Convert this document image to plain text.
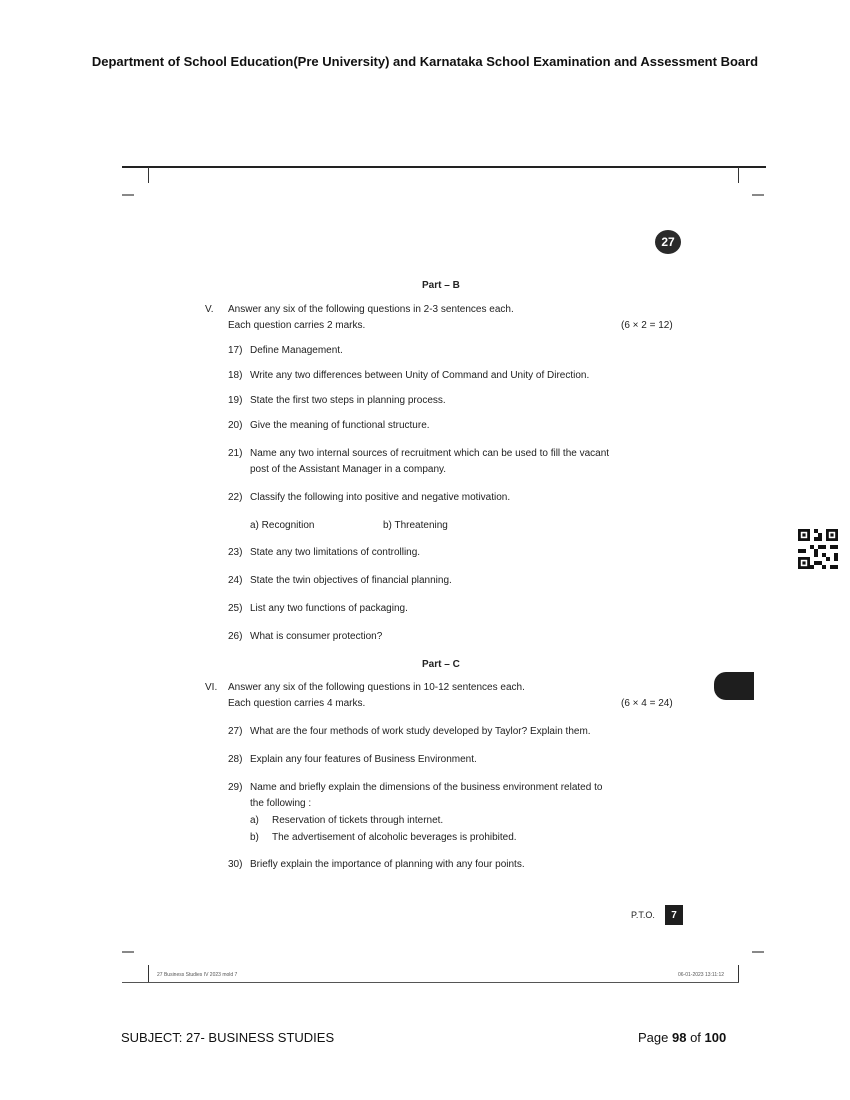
Department of School Education(Pre University) and Karnataka School Examination and Assessment Board
27
Part – B
V. Answer any six of the following questions in 2-3 sentences each.
Each question carries 2 marks.	(6 × 2 = 12)
17) Define Management.
18) Write any two differences between Unity of Command and Unity of Direction.
19) State the first two steps in planning process.
20) Give the meaning of functional structure.
21) Name any two internal sources of recruitment which can be used to fill the vacant
post of the Assistant Manager in a company.
22) Classify the following into positive and negative motivation.
a) Recognition	b) Threatening
23) State any two limitations of controlling.
24) State the twin objectives of financial planning.
25) List any two functions of packaging.
26) What is consumer protection?
Part – C
VI. Answer any six of the following questions in 10-12 sentences each.
Each question carries 4 marks.	(6 × 4 = 24)
27) What are the four methods of work study developed by Taylor? Explain them.
28) Explain any four features of Business Environment.
29) Name and briefly explain the dimensions of the business environment related to
the following :
a) Reservation of tickets through internet.
b) The advertisement of alcoholic beverages is prohibited.
30) Briefly explain the importance of planning with any four points.
P.T.O.	7
27 Business Studies IV 2023 mold 7	06-01-2023 13:11:12
SUBJECT: 27- BUSINESS STUDIES	Page 98 of 100
